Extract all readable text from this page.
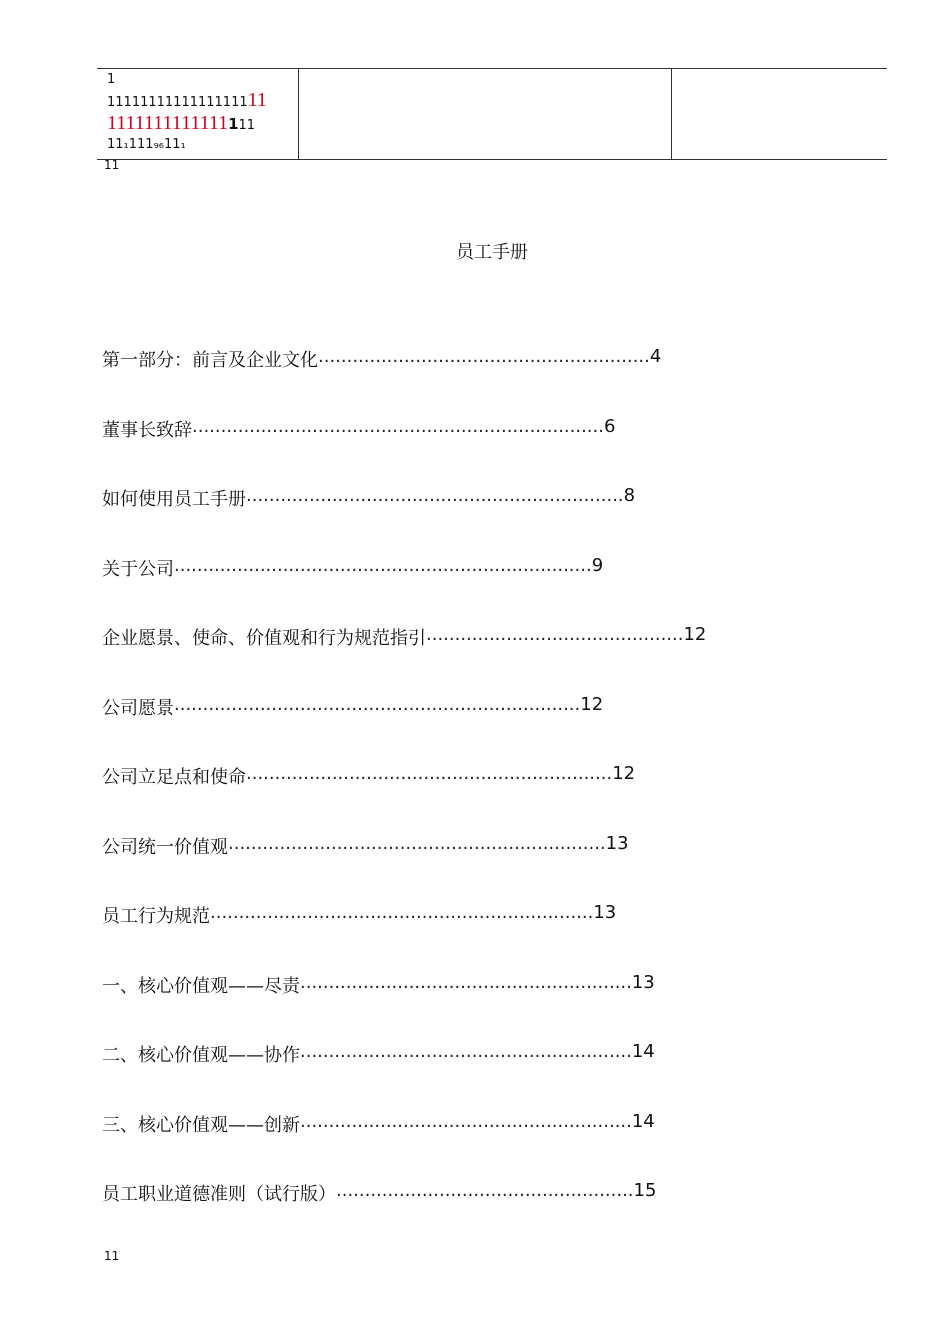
1
1111111111111111111
1111111111111111
11₁111₉₆11₁
11
员工手册
第一部分：前言及企业文化 .......................................................... 4
董事长致辞 ........................................................................ 6
如何使用员工手册 .................................................................. 8
关于公司 ......................................................................... 9
企业愿景、使命、价值观和行为规范指引 ............................................. 12
公司愿景 ....................................................................... 12
公司立足点和使命 ................................................................ 12
公司统一价值观 .................................................................. 13
员工行为规范 ................................................................... 13
一、核心价值观——尽责 .......................................................... 13
二、核心价值观——协作 .......................................................... 14
三、核心价值观——创新 .......................................................... 14
员工职业道德准则（试行版） .................................................... 15
11
